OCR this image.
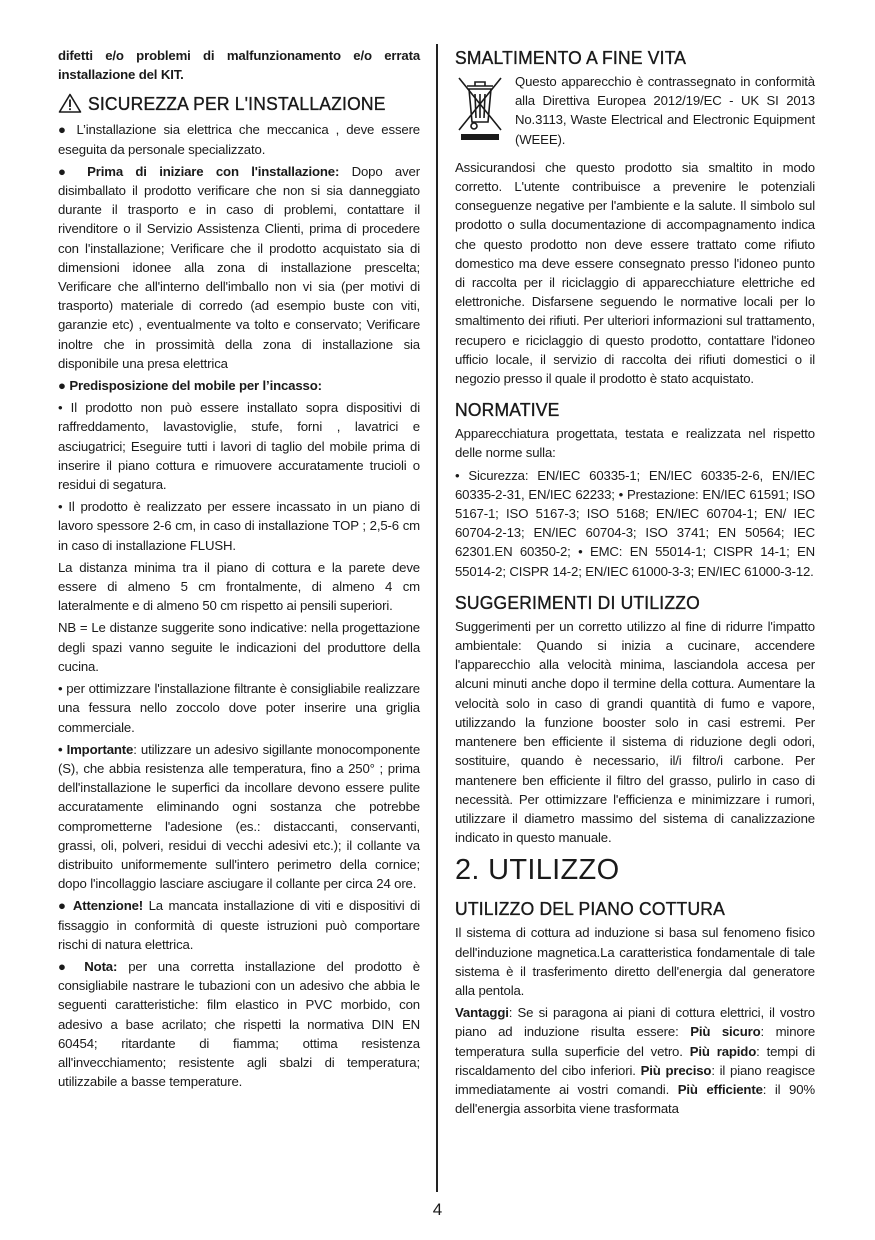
difetti e/o problemi di malfunzionamento e/o errata installazione del KIT.

SICUREZZA PER L'INSTALLAZIONE

● L’installazione sia elettrica che meccanica , deve essere eseguita da personale specializzato.

● Prima di iniziare con l'installazione: Dopo aver disimballato il prodotto verificare che non si sia danneggiato durante il trasporto e in caso di problemi, contattare il rivenditore o il Servizio Assistenza Clienti, prima di procedere con l'installazione; Verificare che il prodotto acquistato sia di dimensioni idonee alla zona di installazione prescelta; Verificare che all'interno dell'imballo non vi sia (per motivi di trasporto) materiale di corredo (ad esempio buste con viti, garanzie etc) , eventualmente va tolto e conservato; Verificare inoltre che in prossimità della zona di installazione sia disponibile una presa elettrica

● Predisposizione del mobile per l’incasso:

• Il prodotto non può essere installato sopra dispositivi di raffreddamento, lavastoviglie, stufe, forni , lavatrici e asciugatrici; Eseguire tutti i lavori di taglio del mobile prima di inserire il piano cottura e rimuovere accuratamente trucioli o residui di segatura.

• Il prodotto è realizzato per essere incassato in un piano di lavoro spessore 2-6 cm, in caso di installazione TOP ; 2,5-6 cm in caso di installazione FLUSH.

La distanza minima tra il piano di cottura e la parete deve essere di almeno 5 cm frontalmente, di almeno 4 cm lateralmente e di almeno 50 cm rispetto ai pensili superiori.

NB = Le distanze suggerite sono indicative: nella progettazione degli spazi vanno seguite le indicazioni del produttore della cucina.

• per ottimizzare l'installazione filtrante è consigliabile realizzare una fessura nello zoccolo dove poter inserire una griglia commerciale.

• Importante: utilizzare un adesivo sigillante monocomponente (S), che abbia resistenza alle temperatura, fino a 250° ; prima dell'installazione le superfici da incollare devono essere pulite accuratamente eliminando ogni sostanza che potrebbe comprometterne l'adesione (es.: distaccanti, conservanti, grassi, oli, polveri, residui di vecchi adesivi etc.); il collante va distribuito uniformemente sull'intero perimetro della cornice; dopo l'incollaggio lasciare asciugare il collante per circa 24 ore.

● Attenzione! La mancata installazione di viti e dispositivi di fissaggio in conformità di queste istruzioni può comportare rischi di natura elettrica.

● Nota: per una corretta installazione del prodotto è consigliabile nastrare le tubazioni con un adesivo che abbia le seguenti caratteristiche: film elastico in PVC morbido, con adesivo a base acrilato; che rispetti la normativa DIN EN 60454; ritardante di fiamma; ottima resistenza all'invecchiamento; resistente agli sbalzi di temperatura; utilizzabile a basse temperature.

SMALTIMENTO A FINE VITA

Questo apparecchio è contrassegnato in conformità alla Direttiva Europea 2012/19/EC - UK SI 2013 No.3113, Waste Electrical and Electronic Equipment (WEEE).

Assicurandosi che questo prodotto sia smaltito in modo corretto. L'utente contribuisce a prevenire le potenziali conseguenze negative per l'ambiente e la salute. Il simbolo sul prodotto o sulla documentazione di accompagnamento indica che questo prodotto non deve essere trattato come rifiuto domestico ma deve essere consegnato presso l'idoneo punto di raccolta per il riciclaggio di apparecchiature elettriche ed elettroniche. Disfarsene seguendo le normative locali per lo smaltimento dei rifiuti. Per ulteriori informazioni sul trattamento, recupero e riciclaggio di questo prodotto, contattare l'idoneo ufficio locale, il servizio di raccolta dei rifiuti domestici o il negozio presso il quale il prodotto è stato acquistato.

NORMATIVE

Apparecchiatura progettata, testata e realizzata nel rispetto delle norme sulla:

• Sicurezza: EN/IEC 60335-1; EN/IEC 60335-2-6, EN/IEC 60335-2-31, EN/IEC 62233; • Prestazione: EN/IEC 61591; ISO 5167-1; ISO 5167-3; ISO 5168; EN/IEC 60704-1; EN/ IEC 60704-2-13; EN/IEC 60704-3; ISO 3741; EN 50564; IEC 62301.EN 60350-2; • EMC: EN 55014-1; CISPR 14-1; EN 55014-2; CISPR 14-2; EN/IEC 61000-3-3; EN/IEC 61000-3-12.

SUGGERIMENTI DI UTILIZZO

Suggerimenti per un corretto utilizzo al fine di ridurre l'impatto ambientale: Quando si inizia a cucinare, accendere l'apparecchio alla velocità minima, lasciandola accesa per alcuni minuti anche dopo il termine della cottura. Aumentare la velocità solo in caso di grandi quantità di fumo e vapore, utilizzando la funzione booster solo in casi estremi. Per mantenere ben efficiente il sistema di riduzione degli odori, sostituire, quando è necessario, il/i filtro/i carbone. Per mantenere ben efficiente il filtro del grasso, pulirlo in caso di necessità. Per ottimizzare l'efficienza e minimizzare i rumori, utilizzare il diametro massimo del sistema di canalizzazione indicato in questo manuale.

2. UTILIZZO
UTILIZZO DEL PIANO COTTURA

Il sistema di cottura ad induzione si basa sul fenomeno fisico dell'induzione magnetica.La caratteristica fondamentale di tale sistema è il trasferimento diretto dell'energia dal generatore alla pentola.

Vantaggi: Se si paragona ai piani di cottura elettrici, il vostro piano ad induzione risulta essere: Più sicuro: minore temperatura sulla superficie del vetro. Più rapido: tempi di riscaldamento del cibo inferiori. Più preciso: il piano reagisce immediatamente ai vostri comandi. Più efficiente: il 90% dell'energia assorbita viene trasformata

4
